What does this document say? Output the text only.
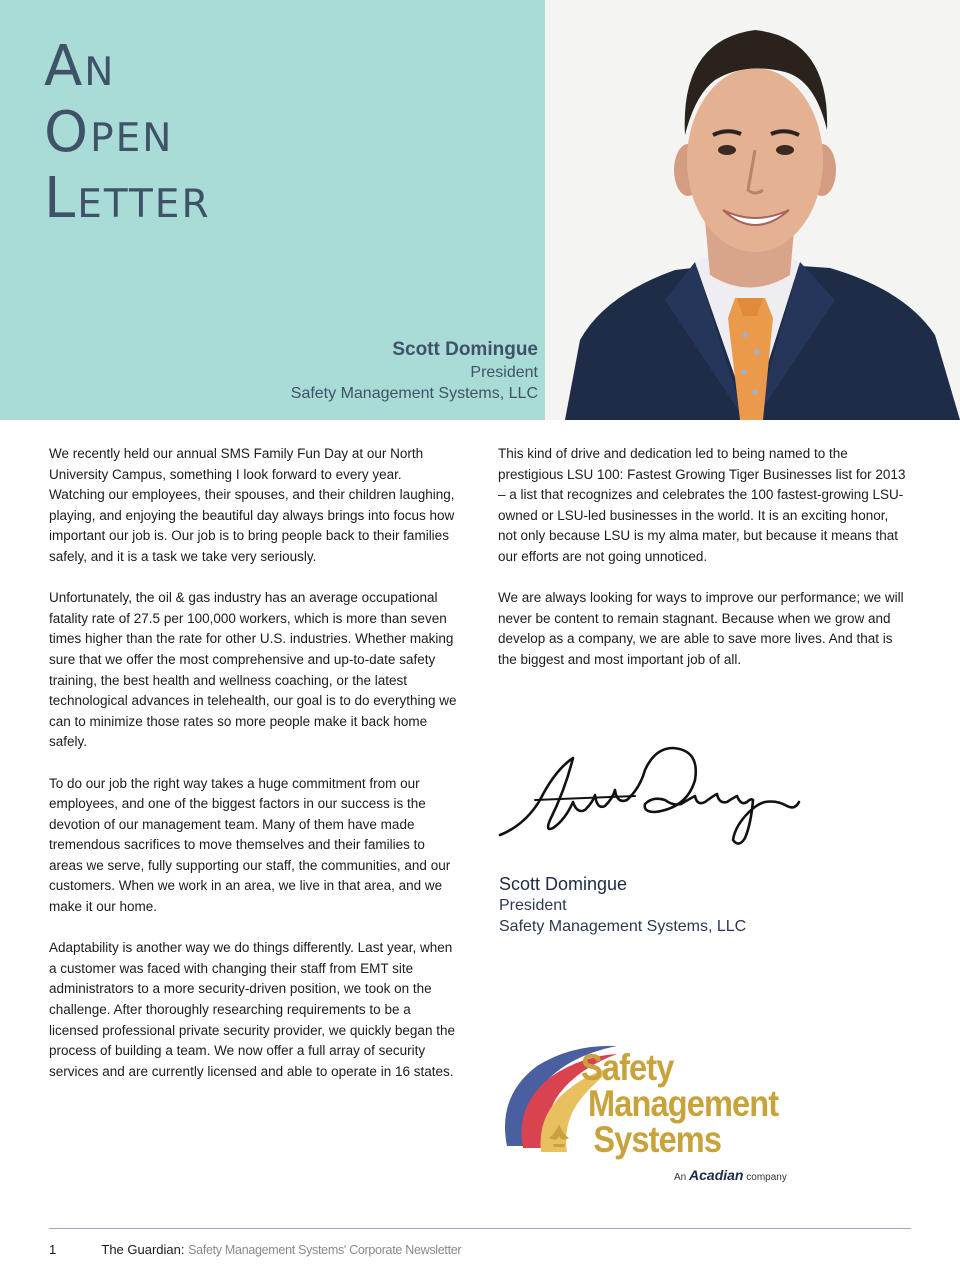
An
Open
Letter
Scott Domingue
President
Safety Management Systems, LLC

We recently held our annual SMS Family Fun Day at our North University Campus, something I look forward to every year. Watching our employees, their spouses, and their children laughing, playing, and enjoying the beautiful day always brings into focus how important our job is. Our job is to bring people back to their families safely, and it is a task we take very seriously.

Unfortunately, the oil & gas industry has an average occupational fatality rate of 27.5 per 100,000 workers, which is more than seven times higher than the rate for other U.S. industries. Whether making sure that we offer the most comprehensive and up-to-date safety training, the best health and wellness coaching, or the latest technological advances in telehealth, our goal is to do everything we can to minimize those rates so more people make it back home safely.

To do our job the right way takes a huge commitment from our employees, and one of the biggest factors in our success is the devotion of our management team. Many of them have made tremendous sacrifices to move themselves and their families to areas we serve, fully supporting our staff, the communities, and our customers. When we work in an area, we live in that area, and we make it our home.

Adaptability is another way we do things differently. Last year, when a customer was faced with changing their staff from EMT site administrators to a more security-driven position, we took on the challenge. After thoroughly researching requirements to be a licensed professional private security provider, we quickly began the process of building a team. We now offer a full array of security services and are currently licensed and able to operate in 16 states.

This kind of drive and dedication led to being named to the prestigious LSU 100: Fastest Growing Tiger Businesses list for 2013 – a list that recognizes and celebrates the 100 fastest-growing LSU-owned or LSU-led businesses in the world. It is an exciting honor, not only because LSU is my alma mater, but because it means that our efforts are not going unnoticed.

We are always looking for ways to improve our performance; we will never be content to remain stagnant. Because when we grow and develop as a company, we are able to save more lives. And that is the biggest and most important job of all.

Scott Domingue
President
Safety Management Systems, LLC
Safety
Management
Systems
An Acadian company
1	The Guardian: Safety Management Systems' Corporate Newsletter
